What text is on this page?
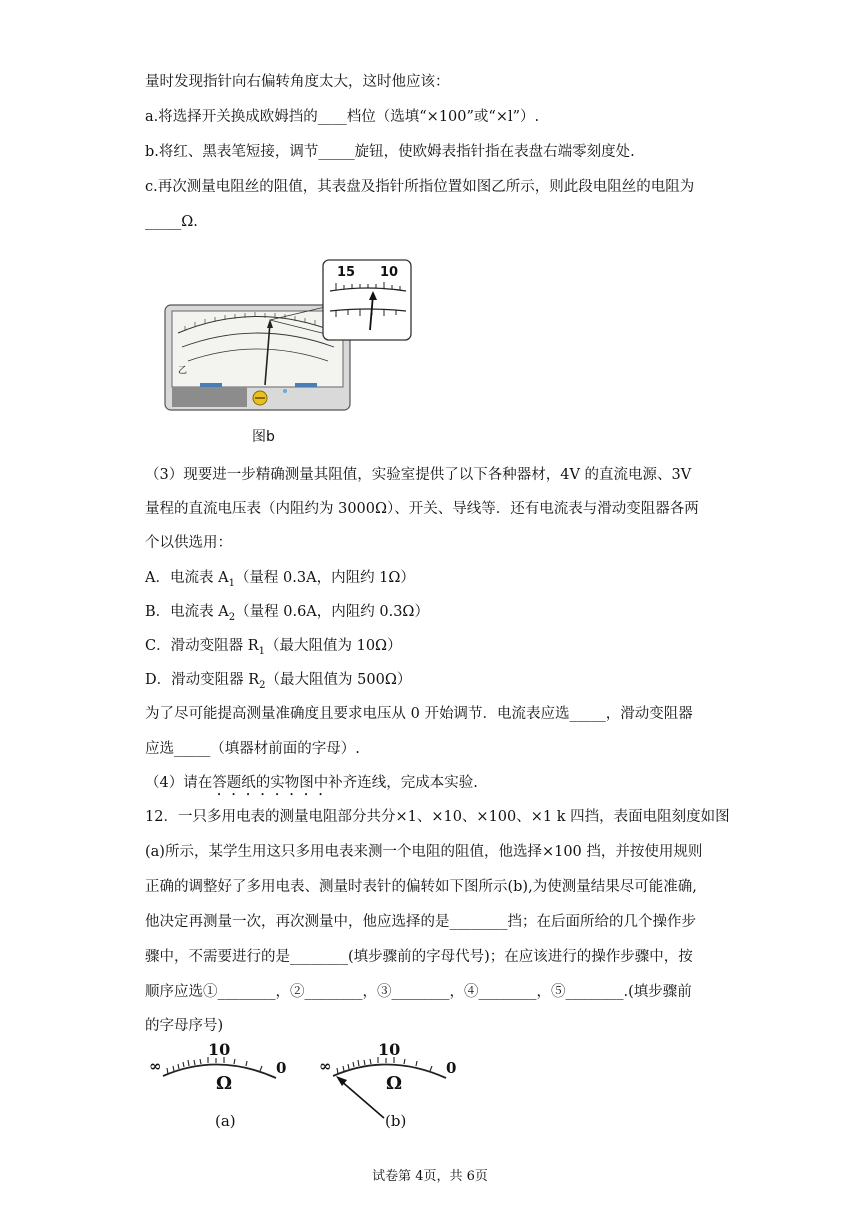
量时发现指针向右偏转角度太大，这时他应该：
a.将选择开关换成欧姆挡的____档位（选填“×100”或“×l”）.
b.将红、黑表笔短接，调节_____旋钮，使欧姆表指针指在表盘右端零刻度处.
c.再次测量电阻丝的阻值，其表盘及指针所指位置如图乙所示，则此段电阻丝的电阻为
_____Ω.
15 10
乙
图b
（3）现要进一步精确测量其阻值，实验室提供了以下各种器材，4V 的直流电源、3V
量程的直流电压表（内阻约为 3000Ω）、开关、导线等．还有电流表与滑动变阻器各两
个以供选用：
A．电流表 $A_1$（量程 0.3A，内阻约 1Ω）
B．电流表 $A_2$（量程 0.6A，内阻约 0.3Ω）
C．滑动变阻器 $R_1$（最大阻值为 10Ω）
D．滑动变阻器 $R_2$（最大阻值为 500Ω）
为了尽可能提高测量准确度且要求电压从 0 开始调节．电流表应选_____，滑动变阻器
应选_____（填器材前面的字母）.
（4）请在答题纸的实物图中补齐连线，完成本实验.
12．一只多用电表的测量电阻部分共分×1、×10、×100、×1 k 四挡，表面电阻刻度如图
(a)所示，某学生用这只多用电表来测一个电阻的阻值，他选择×100 挡，并按使用规则
正确的调整好了多用电表、测量时表针的偏转如下图所示(b),为使测量结果尽可能准确,
他决定再测量一次，再次测量中，他应选择的是________挡；在后面所给的几个操作步
骤中，不需要进行的是________(填步骤前的字母代号)；在应该进行的操作步骤中，按
顺序应选①________，②________，③________，④________，⑤________.(填步骤前
的字母序号)
∞
10
0
Ω
(a)
∞
10
0
Ω
(b)
试卷第 4页，共 6页
